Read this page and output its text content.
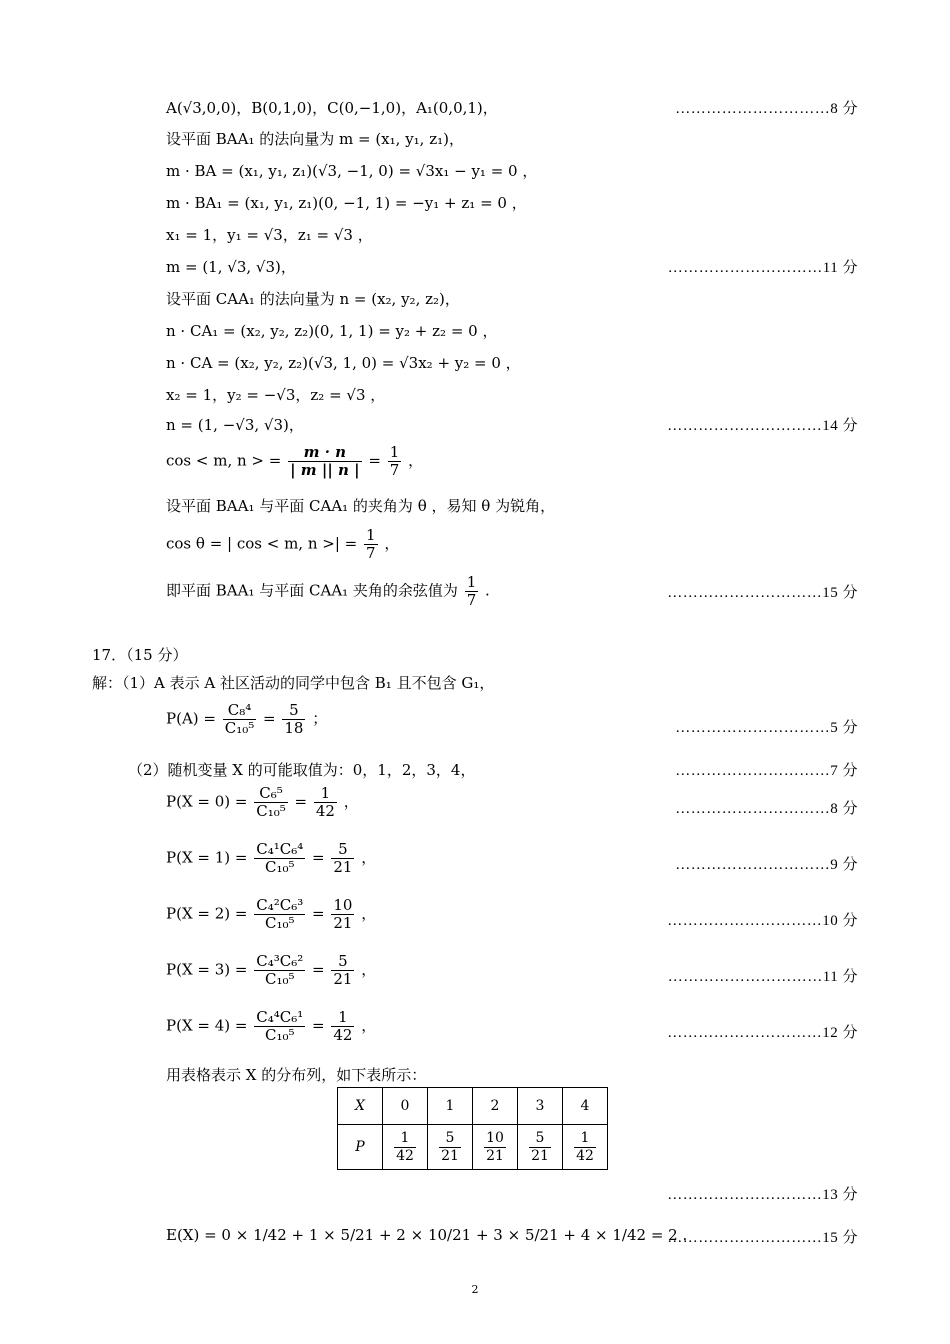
A(√3,0,0)，B(0,1,0)，C(0,−1,0)，A₁(0,0,1)，	…………………………8 分
设平面 BAA₁ 的法向量为 m = (x₁, y₁, z₁)，
m · BA = (x₁, y₁, z₁)(√3, −1, 0) = √3x₁ − y₁ = 0 ，
m · BA₁ = (x₁, y₁, z₁)(0, −1, 1) = −y₁ + z₁ = 0 ，
x₁ = 1，y₁ = √3，z₁ = √3 ，
m = (1, √3, √3)，	…………………………11 分
设平面 CAA₁ 的法向量为 n = (x₂, y₂, z₂)，
n · CA₁ = (x₂, y₂, z₂)(0, 1, 1) = y₂ + z₂ = 0 ，
n · CA = (x₂, y₂, z₂)(√3, 1, 0) = √3x₂ + y₂ = 0 ，
x₂ = 1，y₂ = −√3，z₂ = √3 ，
n = (1, −√3, √3)，	…………………………14 分
cos < m, n > = $\frac{m \cdot n}{| m || n |} = \frac{1}{7}$ ，
设平面 BAA₁ 与平面 CAA₁ 的夹角为 θ ，易知 θ 为锐角，
cos θ = | cos < m, n >| = $\frac{1}{7}$ ，
即平面 BAA₁ 与平面 CAA₁ 夹角的余弦值为 $\frac{1}{7}$ .	…………………………15 分
17．（15 分）
解：（1）A 表示 A 社区活动的同学中包含 B₁ 且不包含 G₁，
$P(A) = \frac{\text{C₈⁴}}{\text{C₁₀⁵}} = \frac{5}{18}$ ；
…………………………5 分
（2）随机变量 X 的可能取值为：0，1，2，3，4，	…………………………7 分
$P(X = 0) = \frac{\text{C₆⁵}}{\text{C₁₀⁵}} = \frac{1}{42}$ ，	…………………………8 分
$P(X = 1) = \frac{\text{C₄¹C₆⁴}}{\text{C₁₀⁵}} = \frac{5}{21}$ ，	…………………………9 分
$P(X = 2) = \frac{\text{C₄²C₆³}}{\text{C₁₀⁵}} = \frac{10}{21}$ ，	…………………………10 分
$P(X = 3) = \frac{\text{C₄³C₆²}}{\text{C₁₀⁵}} = \frac{5}{21}$ ，	…………………………11 分
$P(X = 4) = \frac{\text{C₄⁴C₆¹}}{\text{C₁₀⁵}} = \frac{1}{42}$ ，	…………………………12 分
用表格表示 X 的分布列，如下表所示：
X	0	1	2	3	4
P	$\frac{1}{42}$	$\frac{5}{21}$	$\frac{10}{21}$	$\frac{5}{21}$	$\frac{1}{42}$
…………………………13 分
E(X) = 0 × 1/42 + 1 × 5/21 + 2 × 10/21 + 3 × 5/21 + 4 × 1/42 = 2 .
…………………………15 分
2
